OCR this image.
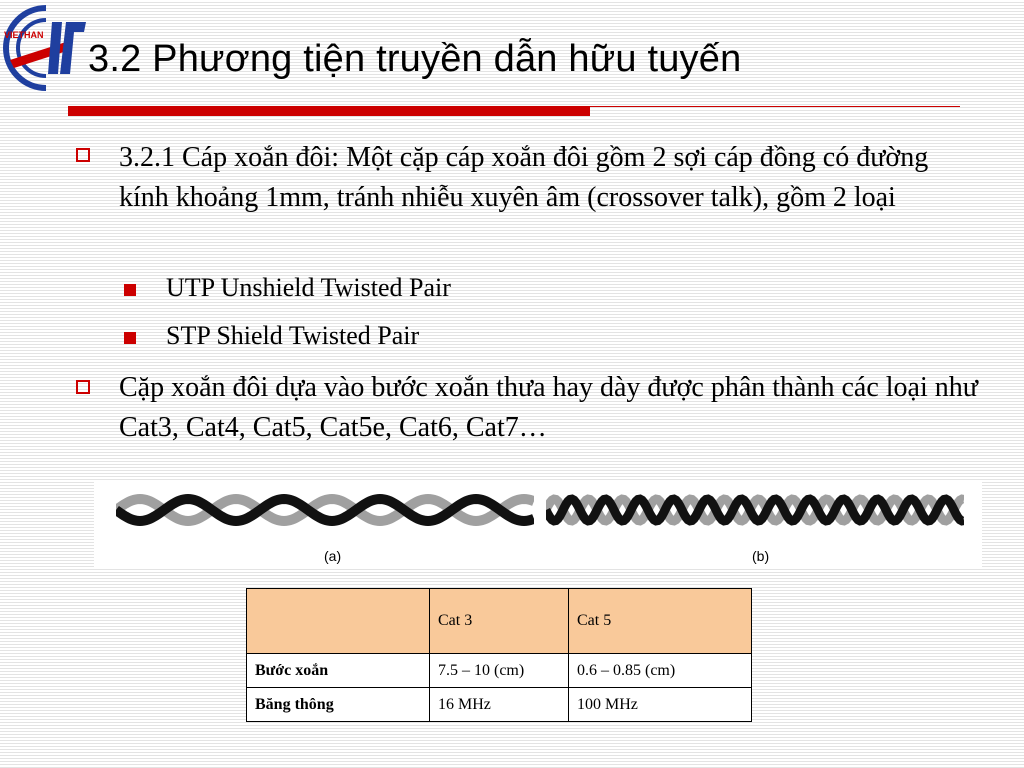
VIETHAN
3.2 Phương tiện truyền dẫn hữu tuyến
3.2.1 Cáp xoắn đôi: Một cặp cáp xoắn đôi gồm 2 sợi cáp đồng có đường kính khoảng 1mm, tránh nhiễu xuyên âm (crossover talk), gồm 2 loại
UTP Unshield Twisted Pair
STP Shield Twisted Pair
Cặp xoắn đôi dựa vào bước xoắn thưa hay dày được phân thành các loại như Cat3, Cat4, Cat5, Cat5e, Cat6, Cat7…
(a)	(b)
	Cat 3	Cat 5
Bước xoắn	7.5 – 10 (cm)	0.6 – 0.85 (cm)
Băng thông	16 MHz	100 MHz
